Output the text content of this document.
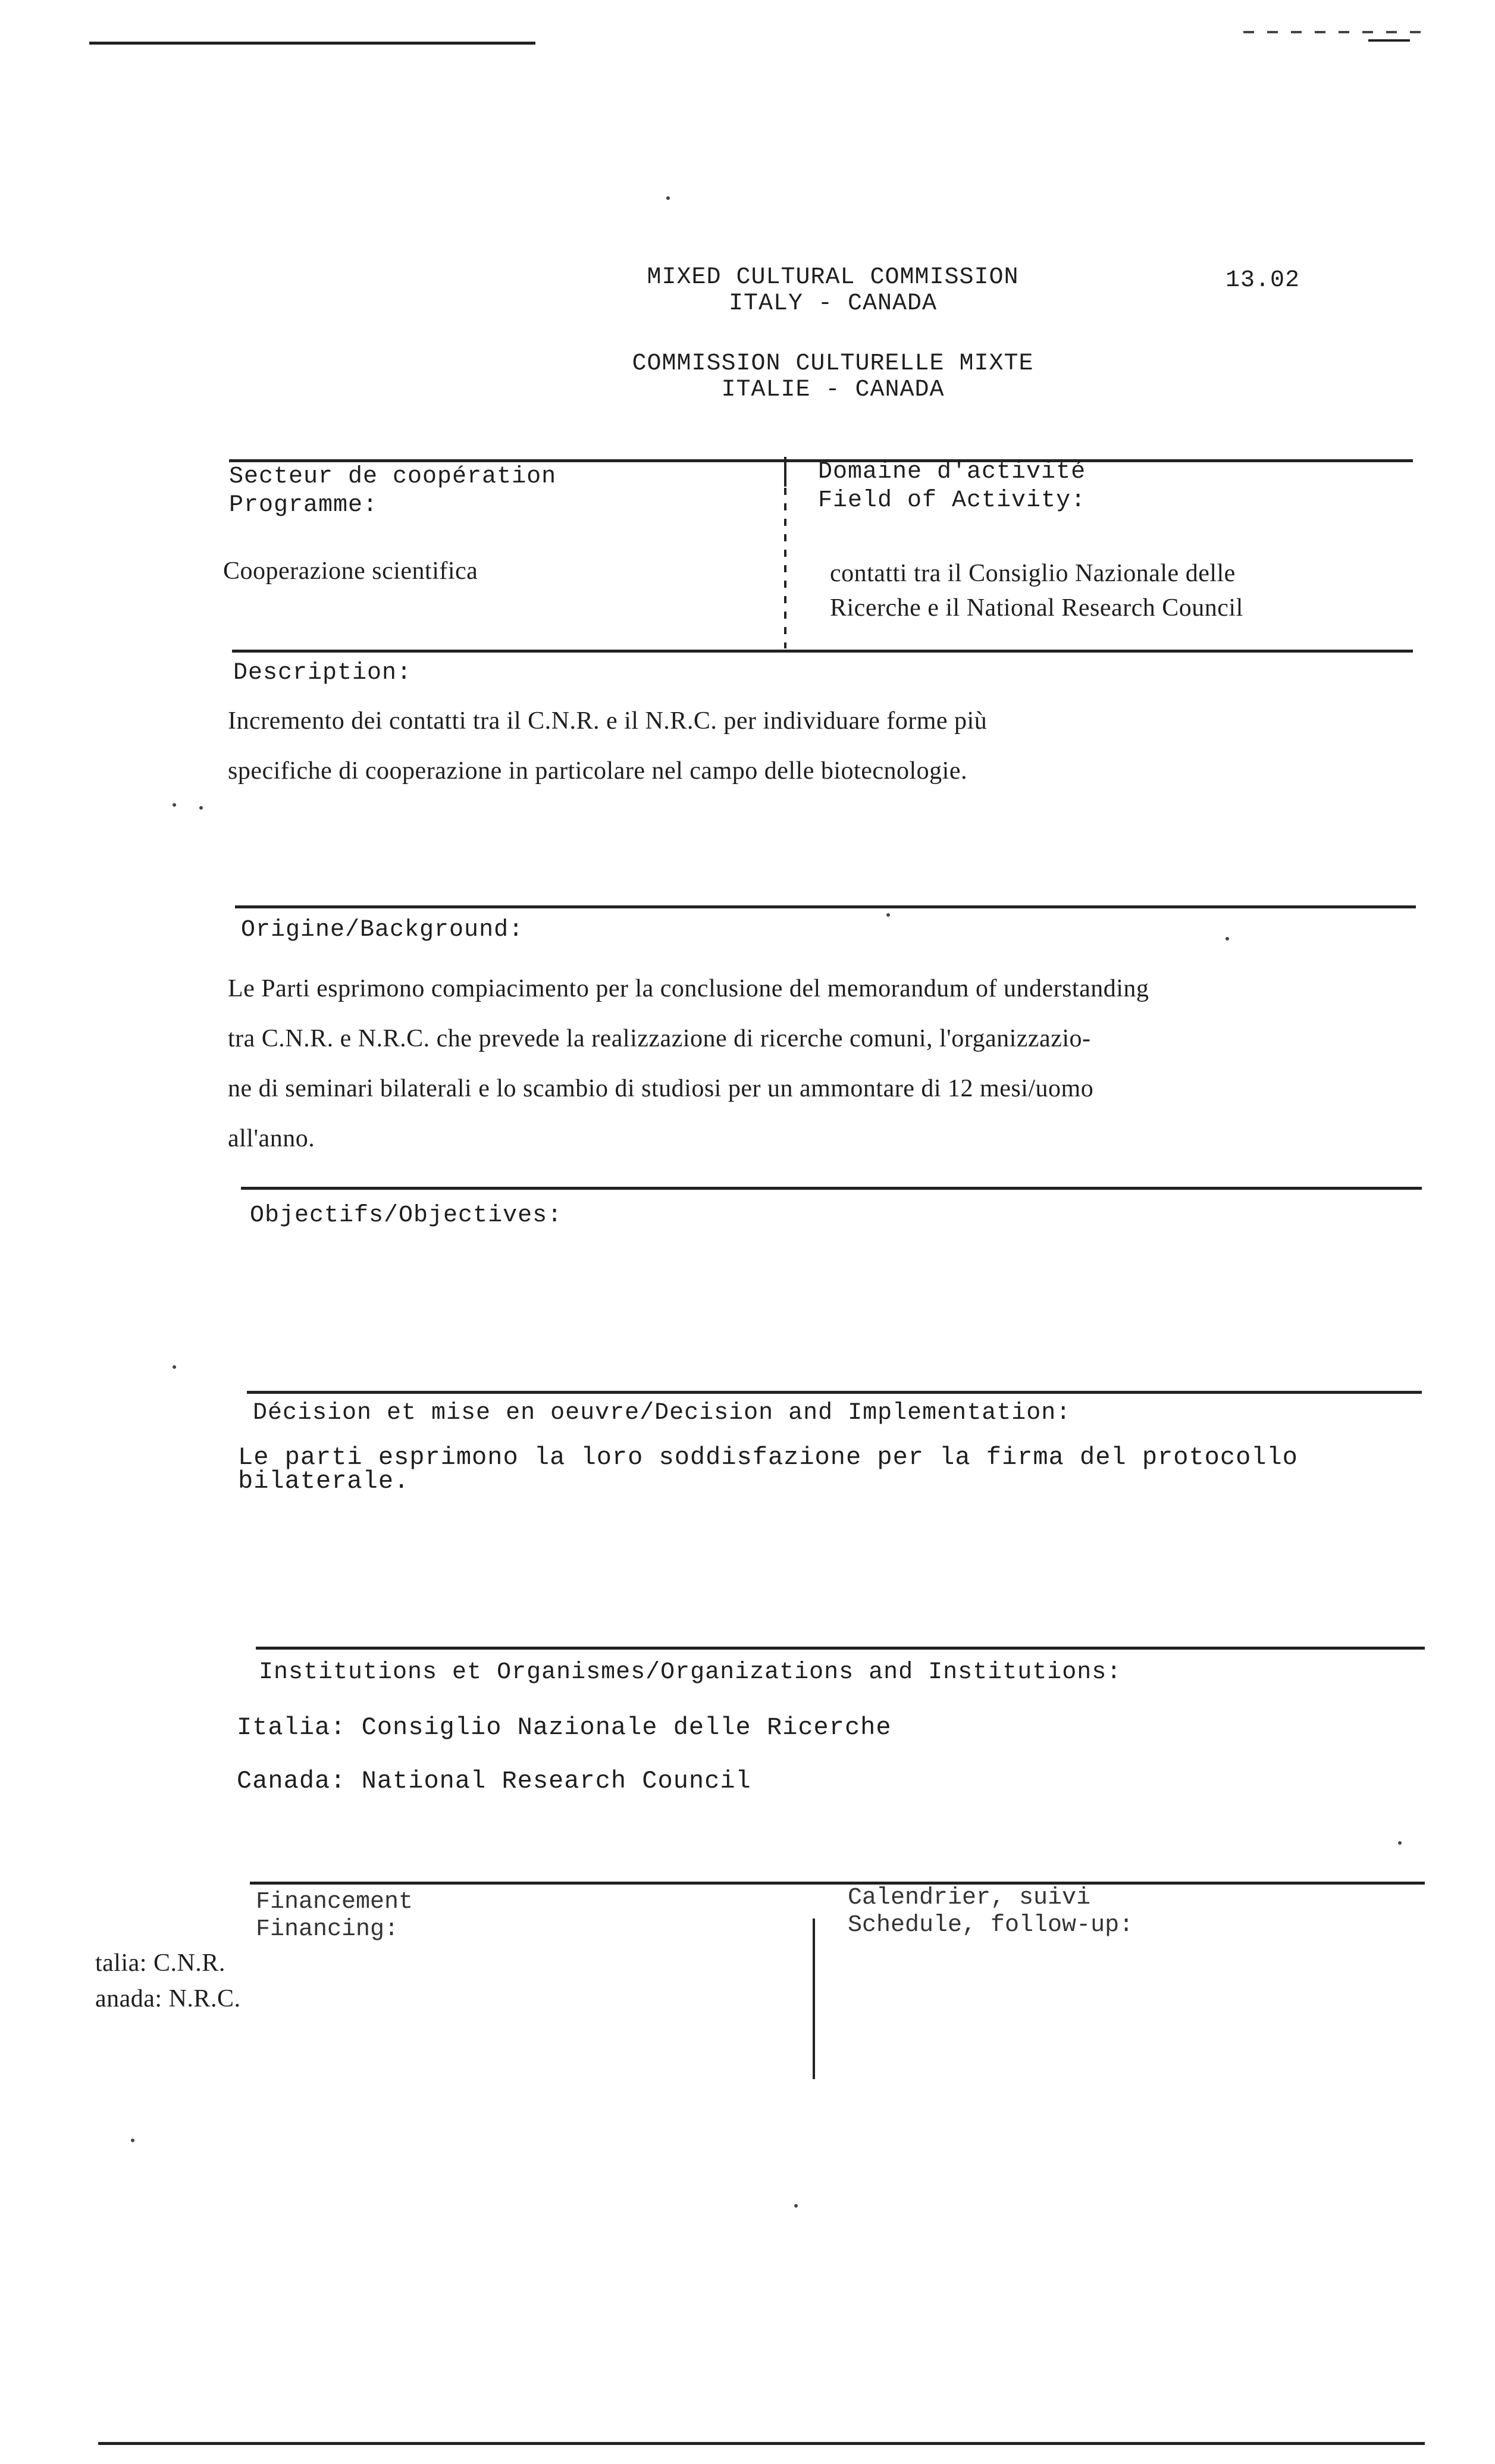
MIXED CULTURAL COMMISSION
ITALY - CANADA
13.02
COMMISSION CULTURELLE MIXTE
ITALIE - CANADA
Secteur de coopération
Programme:
Cooperazione scientifica
Domaine d'activité
Field of Activity:
contatti tra il Consiglio Nazionale delle
Ricerche e il National Research Council
Description:
Incremento dei contatti tra il C.N.R. e il N.R.C. per individuare forme più
specifiche di cooperazione in particolare nel campo delle biotecnologie.
Origine/Background:
Le Parti esprimono compiacimento per la conclusione del memorandum of understanding
tra C.N.R. e N.R.C. che prevede la realizzazione di ricerche comuni, l'organizzazio-
ne di seminari bilaterali e lo scambio di studiosi per un ammontare di 12 mesi/uomo
all'anno.
Objectifs/Objectives:
Décision et mise en oeuvre/Decision and Implementation:
Le parti esprimono la loro soddisfazione per la firma del protocollo
bilaterale.
Institutions et Organismes/Organizations and Institutions:
Italia: Consiglio Nazionale delle Ricerche
Canada: National Research Council
Financement
Financing:
talia: C.N.R.
anada: N.R.C.
Calendrier, suivi
Schedule, follow-up:
